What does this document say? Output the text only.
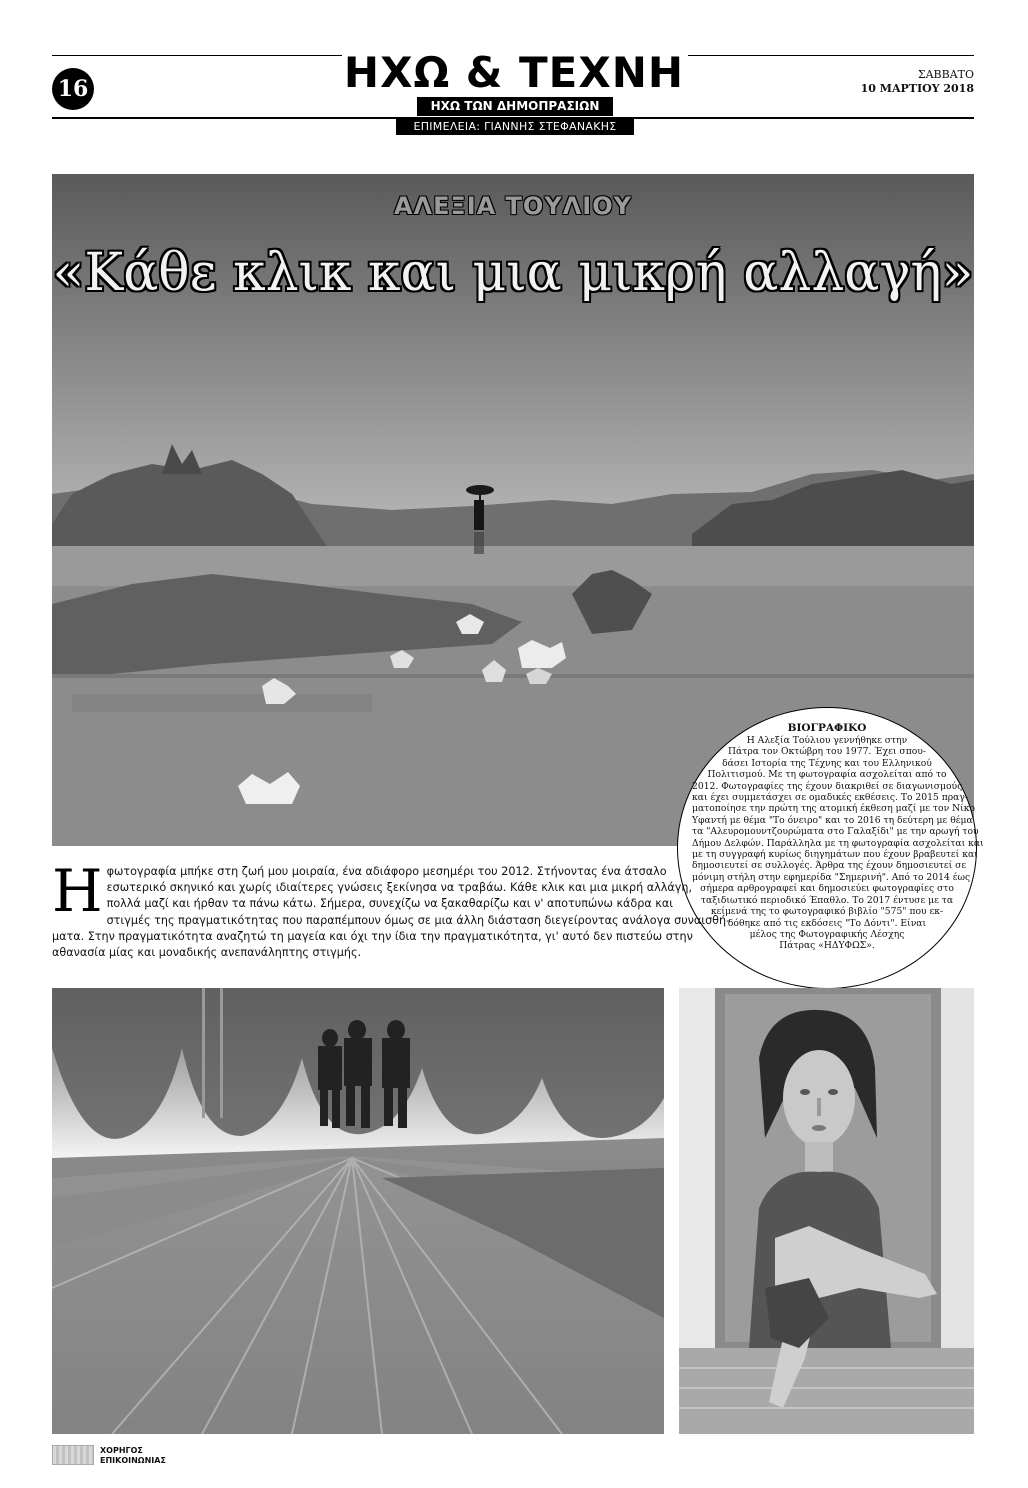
16	ΗΧΩ & ΤΕΧΝΗ
ΗΧΩ ΤΩΝ ΔΗΜΟΠΡΑΣΙΩΝ
ΕΠΙΜΕΛΕΙΑ: ΓΙΑΝΝΗΣ ΣΤΕΦΑΝΑΚΗΣ
ΣΑΒΒΑΤΟ
10 ΜΑΡΤΙΟΥ 2018
ΑΛΕΞΙΑ ΤΟΥΛΙΟΥ
«Κάθε κλικ και μια μικρή αλλαγή»
ΒΙΟΓΡΑΦΙΚΟ
Η Αλεξία Τούλιου γεννήθηκε στην
Πάτρα τον Οκτώβρη του 1977. Έχει σπου-
δάσει Ιστορία της Τέχνης και του Ελληνικού
Πολιτισμού. Με τη φωτογραφία ασχολείται από το
2012. Φωτογραφίες της έχουν διακριθεί σε διαγωνισμούς
και έχει συμμετάσχει σε ομαδικές εκθέσεις. Το 2015 πραγ-
ματοποίησε την πρώτη της ατομική έκθεση μαζί με τον Νίκο
Υφαντή με θέμα "Το όνειρο" και το 2016 τη δεύτερη με θέμα
τα "Αλευρομουντζουρώματα στο Γαλαξίδι" με την αρωγή του
Δήμου Δελφών. Παράλληλα με τη φωτογραφία ασχολείται και
με τη συγγραφή κυρίως διηγημάτων που έχουν βραβευτεί και
δημοσιευτεί σε συλλογές. Άρθρα της έχουν δημοσιευτεί σε
μόνιμη στήλη στην εφημερίδα "Σημερινή". Από το 2014 έως
σήμερα αρθρογραφεί και δημοσιεύει φωτογραφίες στο
ταξιδιωτικό περιοδικό Έπαθλο. Το 2017 έντυσε με τα
κείμενά της το φωτογραφικό βιβλίο "575" που εκ-
δόθηκε από τις εκδόσεις "Το Δόντι". Είναι
μέλος της Φωτογραφικής Λέσχης
Πάτρας «ΗΔΥΦΩΣ».
Η φωτογραφία μπήκε στη ζωή μου μοιραία, ένα αδιάφορο μεσημέρι του 2012. Στήνοντας ένα άτσαλο
εσωτερικό σκηνικό και χωρίς ιδιαίτερες γνώσεις ξεκίνησα να τραβάω. Κάθε κλικ και μια μικρή αλλάγη,
πολλά μαζί και ήρθαν τα πάνω κάτω. Σήμερα, συνεχίζω να ξακαθαρίζω και ν' αποτυπώνω κάδρα και
στιγμές της πραγματικότητας που παραπέμπουν όμως σε μια άλλη διάσταση διεγείροντας ανάλογα συναισθή-
ματα. Στην πραγματικότητα αναζητώ τη μαγεία και όχι την ίδια την πραγματικότητα, γι' αυτό δεν πιστεύω στην
αθανασία μίας και μοναδικής ανεπανάληπτης στιγμής.
ΧΟΡΗΓΟΣ
ΕΠΙΚΟΙΝΩΝΙΑΣ
